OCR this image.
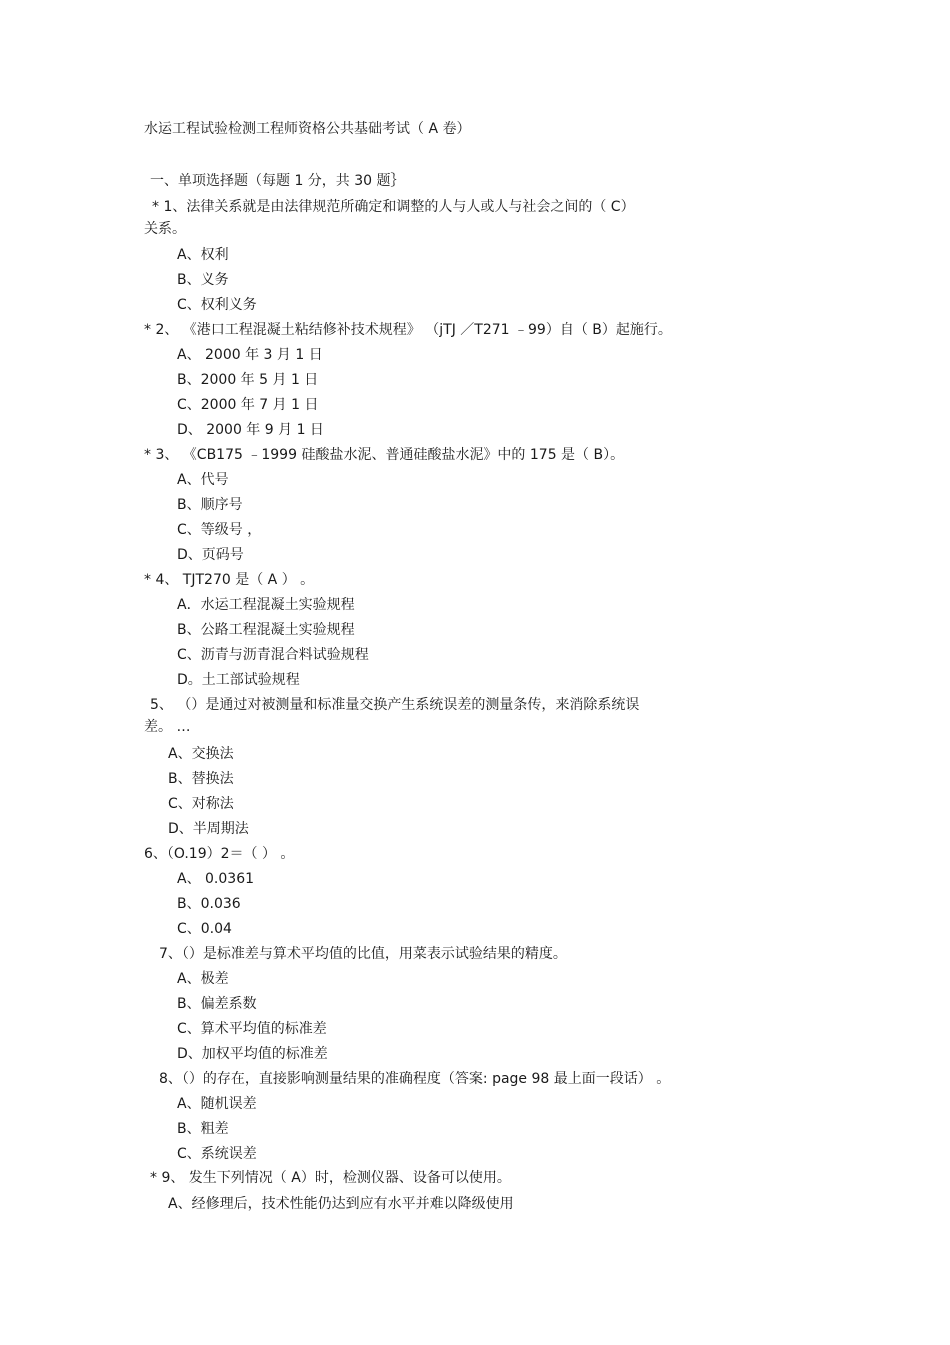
水运工程试验检测工程师资格公共基础考试（ A 卷）
一、单项选择题（每题 1 分，共 30 题｝
* 1、法律关系就是由法律规范所确定和调整的人与人或人与社会之间的（ C）
关系。
A、权利
B、义务
C、权利义务
* 2、 《港口工程混凝土粘结修补技术规程》 （jTJ ／T271 ﹣99）自（ B）起施行。
A、 2000 年 3 月 1 日
B、2000 年 5 月 1 日
C、2000 年 7 月 1 日
D、 2000 年 9 月 1 日
* 3、 《CB175 ﹣1999 硅酸盐水泥、普通硅酸盐水泥》中的 175 是（ B）。
A、代号
B、顺序号
C、等级号 ，
D、页码号
* 4、 TJT270 是（ A ） 。
A．水运工程混凝土实验规程
B、公路工程混凝土实验规程
C、沥青与沥青混合料试验规程
D。土工部试验规程
5、 （）是通过对被测量和标准量交换产生系统误差的测量条传，来消除系统误
差。 …
A、交换法
B、替换法
C、对称法
D、半周期法
6、（O.19）2＝（ ） 。
A、 0.0361
B、0.036
C、0.04
7、（）是标准差与算术平均值的比值，用菜表示试验结果的精度。
A、极差
B、偏差系数
C、算术平均值的标准差
D、加权平均值的标准差
8、（）的存在，直接影响测量结果的准确程度（答案: page 98 最上面一段话） 。
A、随机误差
B、粗差
C、系统误差
* 9、 发生下列情况（ A）时，检测仪器、设备可以使用。
A、经修理后，技术性能仍达到应有水平并难以降级使用
